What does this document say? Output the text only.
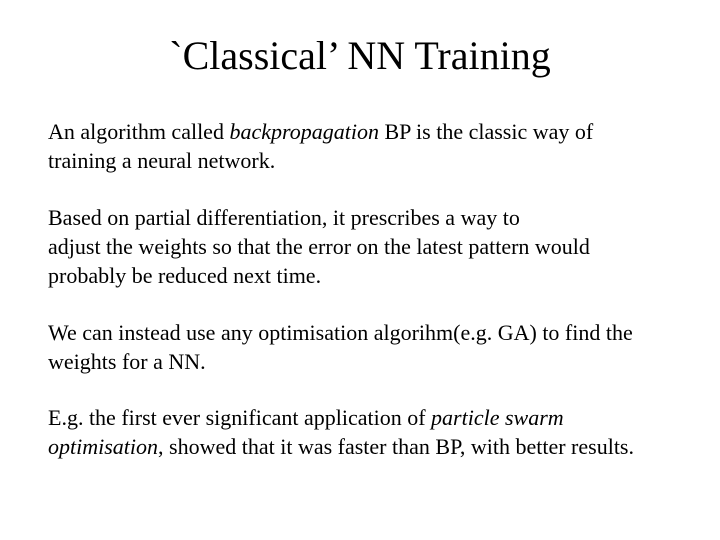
`Classical’ NN Training
An algorithm called backpropagation BP is the classic way of
training a neural network.
Based on partial differentiation, it prescribes a way to
adjust the weights so that the error on the latest pattern would
probably be reduced next time.
We can instead use any optimisation algorihm(e.g. GA) to find the
weights for a NN.
E.g. the first ever significant application of particle swarm
optimisation, showed that it was faster than BP, with better results.
